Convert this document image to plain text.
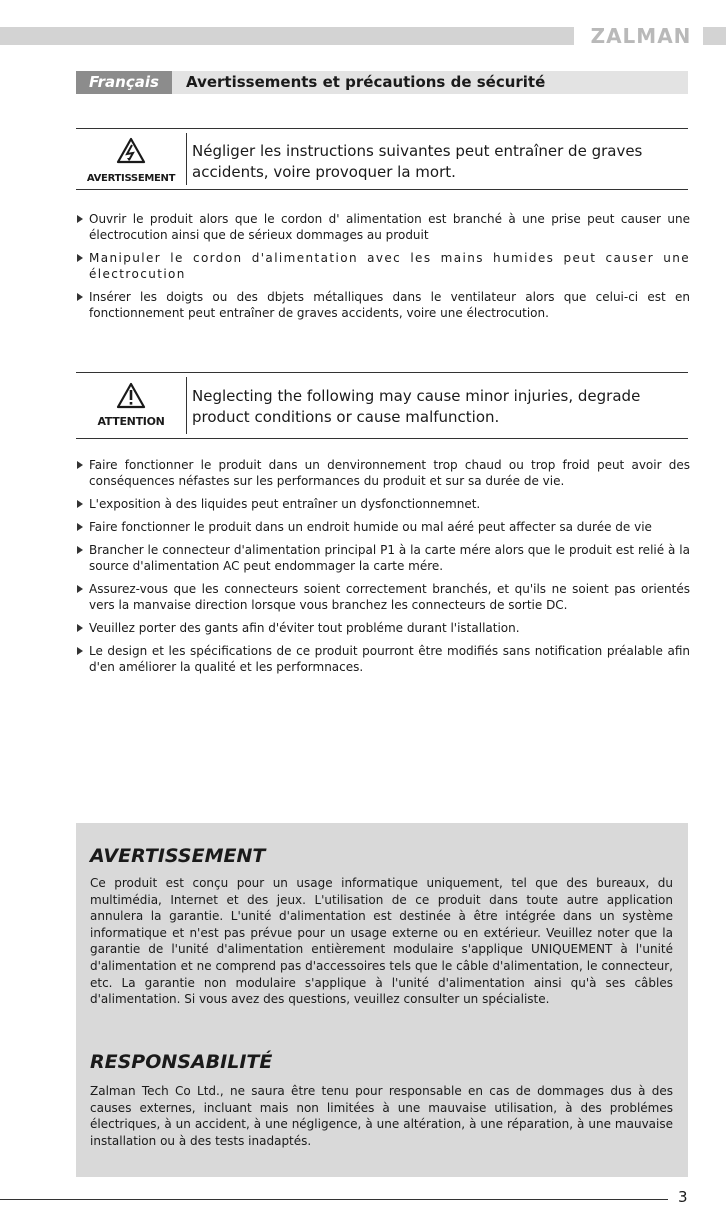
ZALMAN
Français	Avertissements et précautions de sécurité
AVERTISSEMENT
Négliger les instructions suivantes peut entraîner de graves accidents, voire provoquer la mort.
Ouvrir le produit alors que le cordon d' alimentation est branché à une prise peut causer une électrocution ainsi que de sérieux dommages au produit
Manipuler le cordon d'alimentation avec les mains humides peut causer une électrocution
Insérer les doigts ou des dbjets métalliques dans le ventilateur alors que celui-ci est en fonctionnement peut entraîner de graves accidents, voire une électrocution.
ATTENTION
Neglecting the following may cause minor injuries, degrade product conditions or cause malfunction.
Faire fonctionner le produit dans un denvironnement trop chaud ou trop froid peut avoir des conséquences néfastes sur les performances du produit et sur sa durée de vie.
L'exposition à des liquides peut entraîner un dysfonctionnemnet.
Faire fonctionner le produit dans un endroit humide ou mal aéré peut affecter sa durée de vie
Brancher le connecteur d'alimentation principal P1 à la carte mére alors que le produit est relié à la source d'alimentation AC peut endommager la carte mére.
Assurez-vous que les connecteurs soient correctement branchés, et qu'ils ne soient pas orientés vers la manvaise direction lorsque vous branchez les connecteurs de sortie DC.
Veuillez porter des gants afin d'éviter tout probléme durant l'istallation.
Le design et les spécifications de ce produit pourront être modifiés sans notification préalable afin d'en améliorer la qualité et les performnaces.
AVERTISSEMENT

Ce produit est conçu pour un usage informatique uniquement, tel que des bureaux, du multimédia, Internet et des jeux. L'utilisation de ce produit dans toute autre application annulera la garantie. L'unité d'alimentation est destinée à être intégrée dans un système informatique et n'est pas prévue pour un usage externe ou en extérieur. Veuillez noter que la garantie de l'unité d'alimentation entièrement modulaire s'applique UNIQUEMENT à l'unité d'alimentation et ne comprend pas d'accessoires tels que le câble d'alimentation, le connecteur, etc. La garantie non modulaire s'applique à l'unité d'alimentation ainsi qu'à ses câbles d'alimentation. Si vous avez des questions, veuillez consulter un spécialiste.

RESPONSABILITÉ

Zalman Tech Co Ltd., ne saura être tenu pour responsable en cas de dommages dus à des causes externes, incluant mais non limitées à une mauvaise utilisation, à des problémes électriques, à un accident, à une négligence, à une altération, à une réparation, à une mauvaise installation ou à des tests inadaptés.

3
